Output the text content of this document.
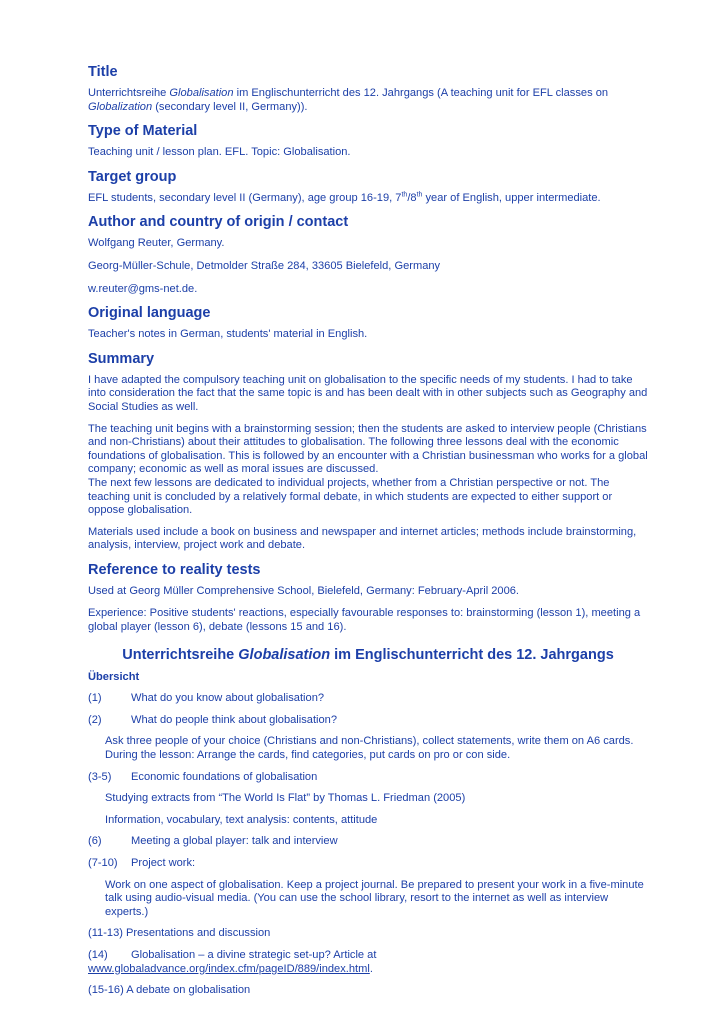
Title

Unterrichtsreihe Globalisation im Englischunterricht des 12. Jahrgangs (A teaching unit for EFL classes on Globalization (secondary level II, Germany)).

Type of Material

Teaching unit / lesson plan. EFL. Topic: Globalisation.

Target group

EFL students, secondary level II (Germany), age group 16-19, 7th/8th year of English, upper intermediate.

Author and country of origin / contact

Wolfgang Reuter, Germany.

Georg-Müller-Schule, Detmolder Straße 284, 33605 Bielefeld, Germany

w.reuter@gms-net.de.

Original language

Teacher's notes in German, students' material in English.

Summary

I have adapted the compulsory teaching unit on globalisation to the specific needs of my students. I had to take into consideration the fact that the same topic is and has been dealt with in other subjects such as Geography and Social Studies as well.

The teaching unit begins with a brainstorming session; then the students are asked to interview people (Christians and non-Christians) about their attitudes to globalisation. The following three lessons deal with the economic foundations of globalisation. This is followed by an encounter with a Christian businessman who works for a global company; economic as well as moral issues are discussed.

The next few lessons are dedicated to individual projects, whether from a Christian perspective or not. The teaching unit is concluded by a relatively formal debate, in which students are expected to either support or oppose globalisation.

Materials used include a book on business and newspaper and internet articles; methods include brainstorming, analysis, interview, project work and debate.

Reference to reality tests

Used at Georg Müller Comprehensive School, Bielefeld, Germany: February-April 2006.

Experience: Positive students' reactions, especially favourable responses to: brainstorming (lesson 1), meeting a global player (lesson 6), debate (lessons 15 and 16).

Unterrichtsreihe Globalisation im Englischunterricht des 12. Jahrgangs

Übersicht

(1)	What do you know about globalisation?
(2)	What do people think about globalisation?

Ask three people of your choice (Christians and non-Christians), collect statements, write them on A6 cards. During the lesson: Arrange the cards, find categories, put cards on pro or con side.

(3-5)	Economic foundations of globalisation

Studying extracts from “The World Is Flat” by Thomas L. Friedman (2005)

Information, vocabulary, text analysis: contents, attitude

(6)	Meeting a global player: talk and interview
(7-10)	Project work:

Work on one aspect of globalisation. Keep a project journal. Be prepared to present your work in a five-minute talk using audio-visual media. (You can use the school library, resort to the internet as well as interview experts.)

(11-13) Presentations and discussion

(14)	Globalisation – a divine strategic set-up? Article at

www.globaladvance.org/index.cfm/pageID/889/index.html.

(15-16) A debate on globalisation
